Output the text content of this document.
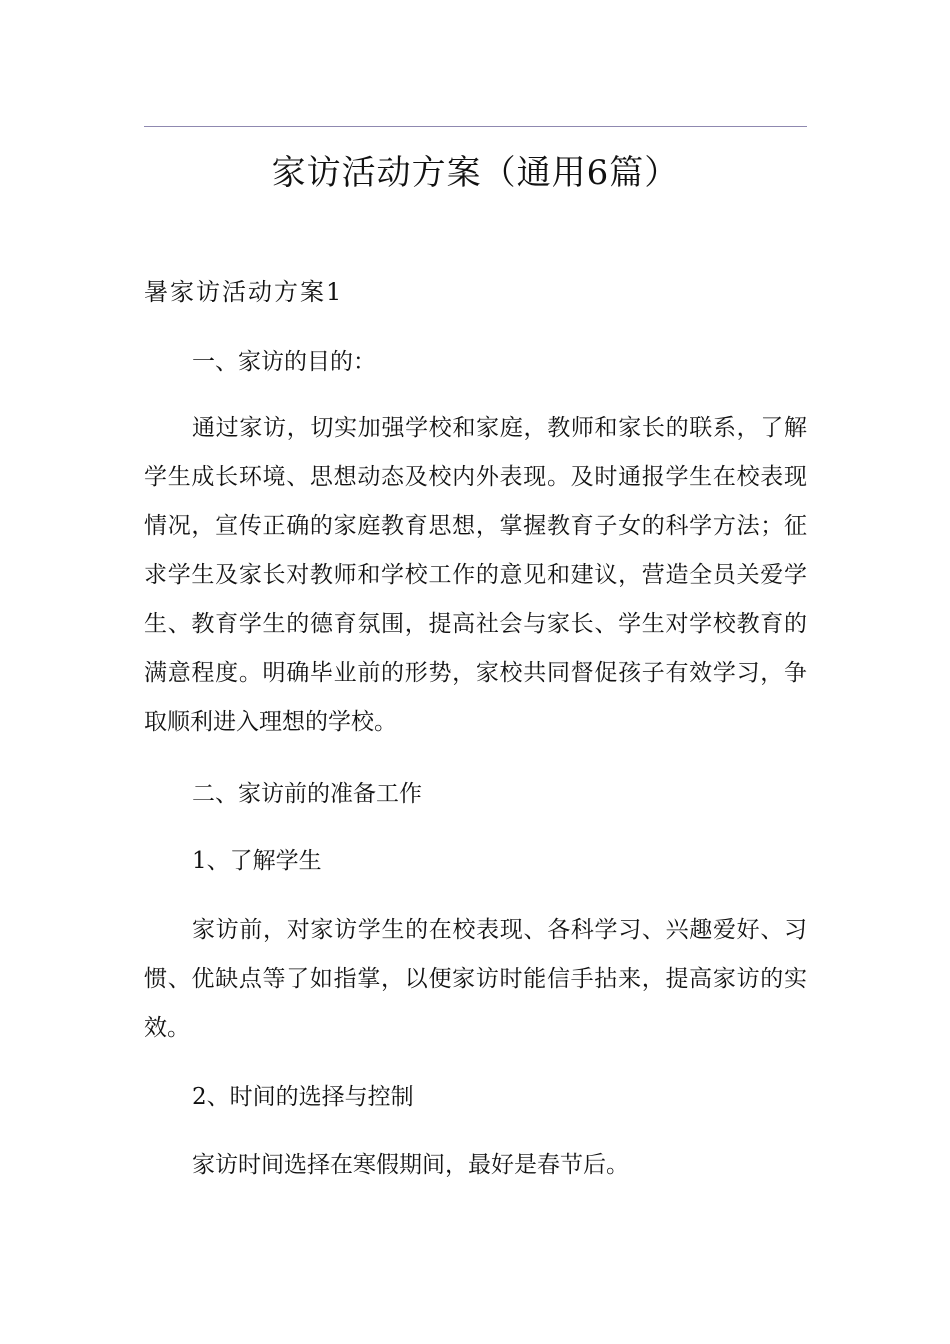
家访活动方案（通用6篇）
暑家访活动方案1
一、家访的目的：
通过家访，切实加强学校和家庭，教师和家长的联系，了解学生成长环境、思想动态及校内外表现。及时通报学生在校表现情况，宣传正确的家庭教育思想，掌握教育子女的科学方法；征求学生及家长对教师和学校工作的意见和建议，营造全员关爱学生、教育学生的德育氛围，提高社会与家长、学生对学校教育的满意程度。明确毕业前的形势，家校共同督促孩子有效学习，争取顺利进入理想的学校。
二、家访前的准备工作
1、了解学生
家访前，对家访学生的在校表现、各科学习、兴趣爱好、习惯、优缺点等了如指掌，以便家访时能信手拈来，提高家访的实效。
2、时间的选择与控制
家访时间选择在寒假期间，最好是春节后。
